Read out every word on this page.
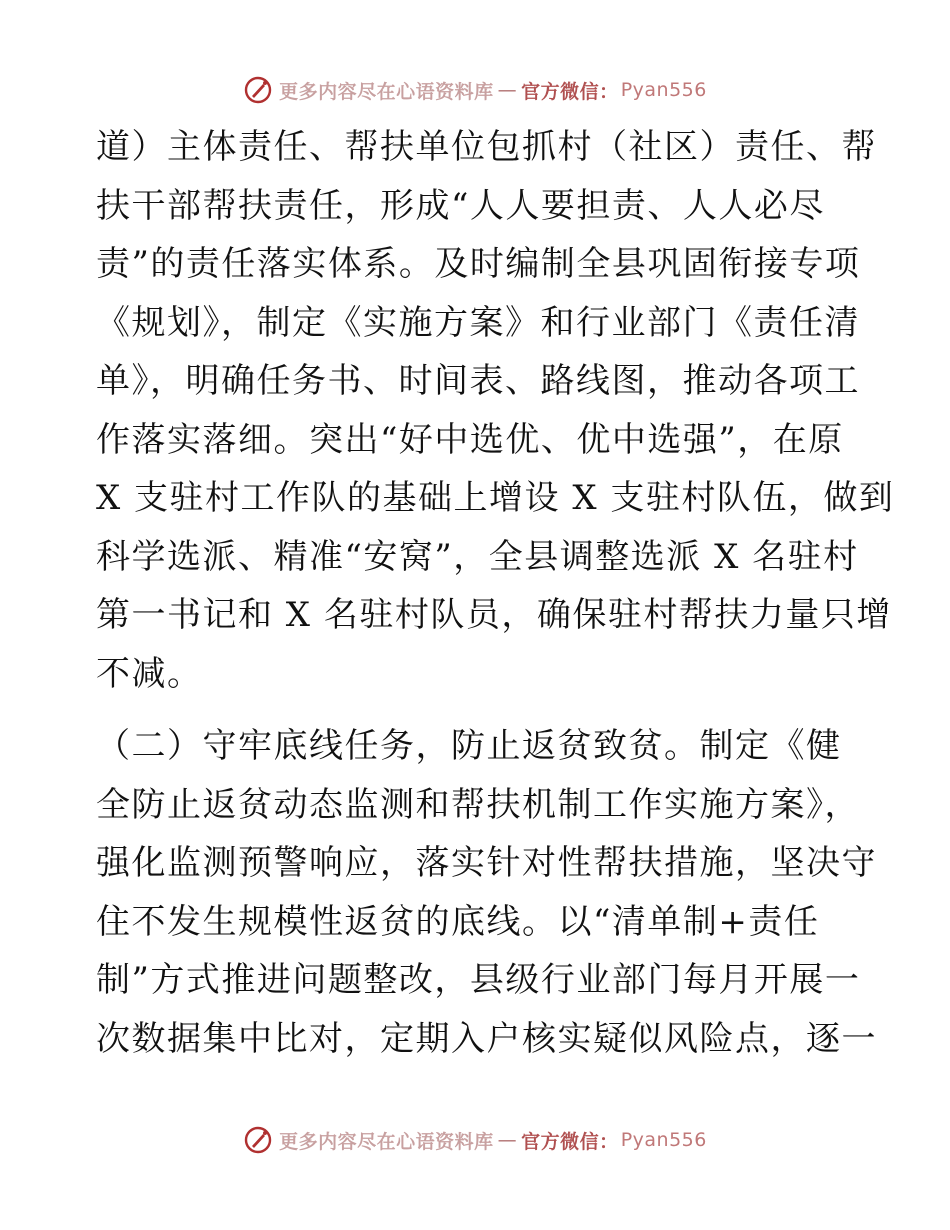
更多内容尽在心语资料库 — 官方微信： Pyan556
道）主体责任、帮扶单位包抓村（社区）责任、帮
扶干部帮扶责任，形成“人人要担责、人人必尽
责”的责任落实体系。及时编制全县巩固衔接专项
《规划》，制定《实施方案》和行业部门《责任清
单》，明确任务书、时间表、路线图，推动各项工
作落实落细。突出“好中选优、优中选强”，在原
X 支驻村工作队的基础上增设 X 支驻村队伍，做到
科学选派、精准“安窝”，全县调整选派 X 名驻村
第一书记和 X 名驻村队员，确保驻村帮扶力量只增
不减。
（二）守牢底线任务，防止返贫致贫。制定《健
全防止返贫动态监测和帮扶机制工作实施方案》，
强化监测预警响应，落实针对性帮扶措施，坚决守
住不发生规模性返贫的底线。以“清单制+责任
制”方式推进问题整改，县级行业部门每月开展一
次数据集中比对，定期入户核实疑似风险点，逐一
更多内容尽在心语资料库 — 官方微信： Pyan556
